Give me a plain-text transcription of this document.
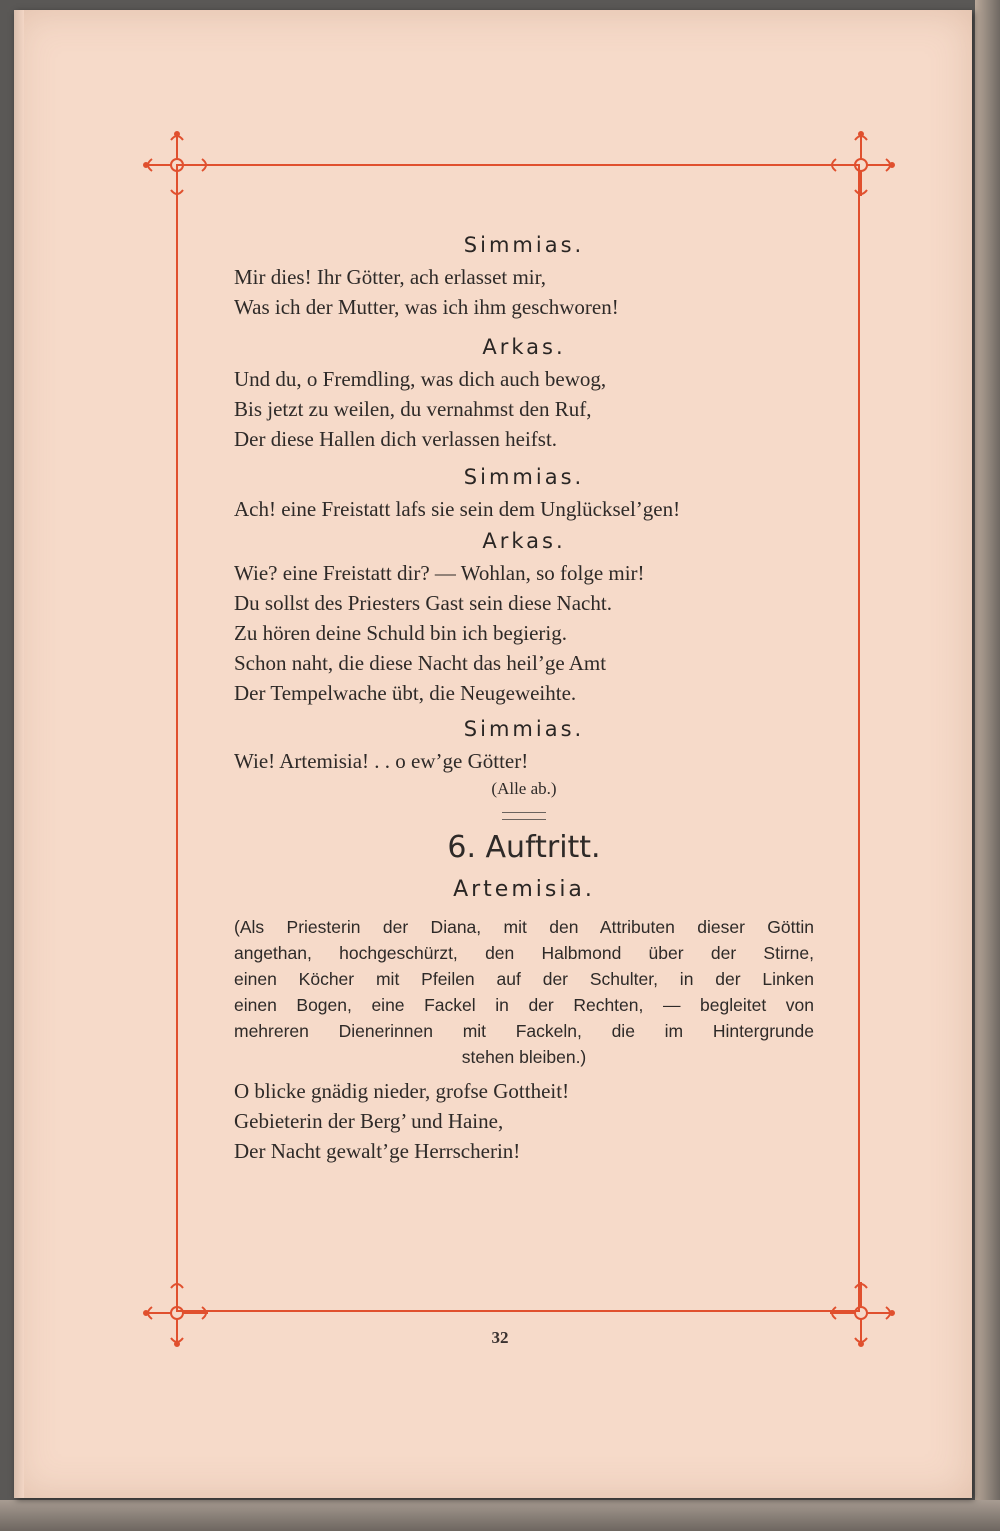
Simmias.

Mir dies! Ihr Götter, ach erlasset mir,

Was ich der Mutter, was ich ihm geschworen!

Arkas.

Und du, o Fremdling, was dich auch bewog,

Bis jetzt zu weilen, du vernahmst den Ruf,

Der diese Hallen dich verlassen heifst.

Simmias.

Ach! eine Freistatt lafs sie sein dem Unglücksel’gen!

Arkas.

Wie? eine Freistatt dir? — Wohlan, so folge mir!

Du sollst des Priesters Gast sein diese Nacht.

Zu hören deine Schuld bin ich begierig.

Schon naht, die diese Nacht das heil’ge Amt

Der Tempelwache übt, die Neugeweihte.

Simmias.

Wie! Artemisia! . . o ew’ge Götter!

(Alle ab.)

6. Auftritt.

Artemisia.

(Als Priesterin der Diana, mit den Attributen dieser Göttin

angethan, hochgeschürzt, den Halbmond über der Stirne,

einen Köcher mit Pfeilen auf der Schulter, in der Linken

einen Bogen, eine Fackel in der Rechten, — begleitet von

mehreren Dienerinnen mit Fackeln, die im Hintergrunde

stehen bleiben.)

O blicke gnädig nieder, grofse Gottheit!

Gebieterin der Berg’ und Haine,

Der Nacht gewalt’ge Herrscherin!

32
